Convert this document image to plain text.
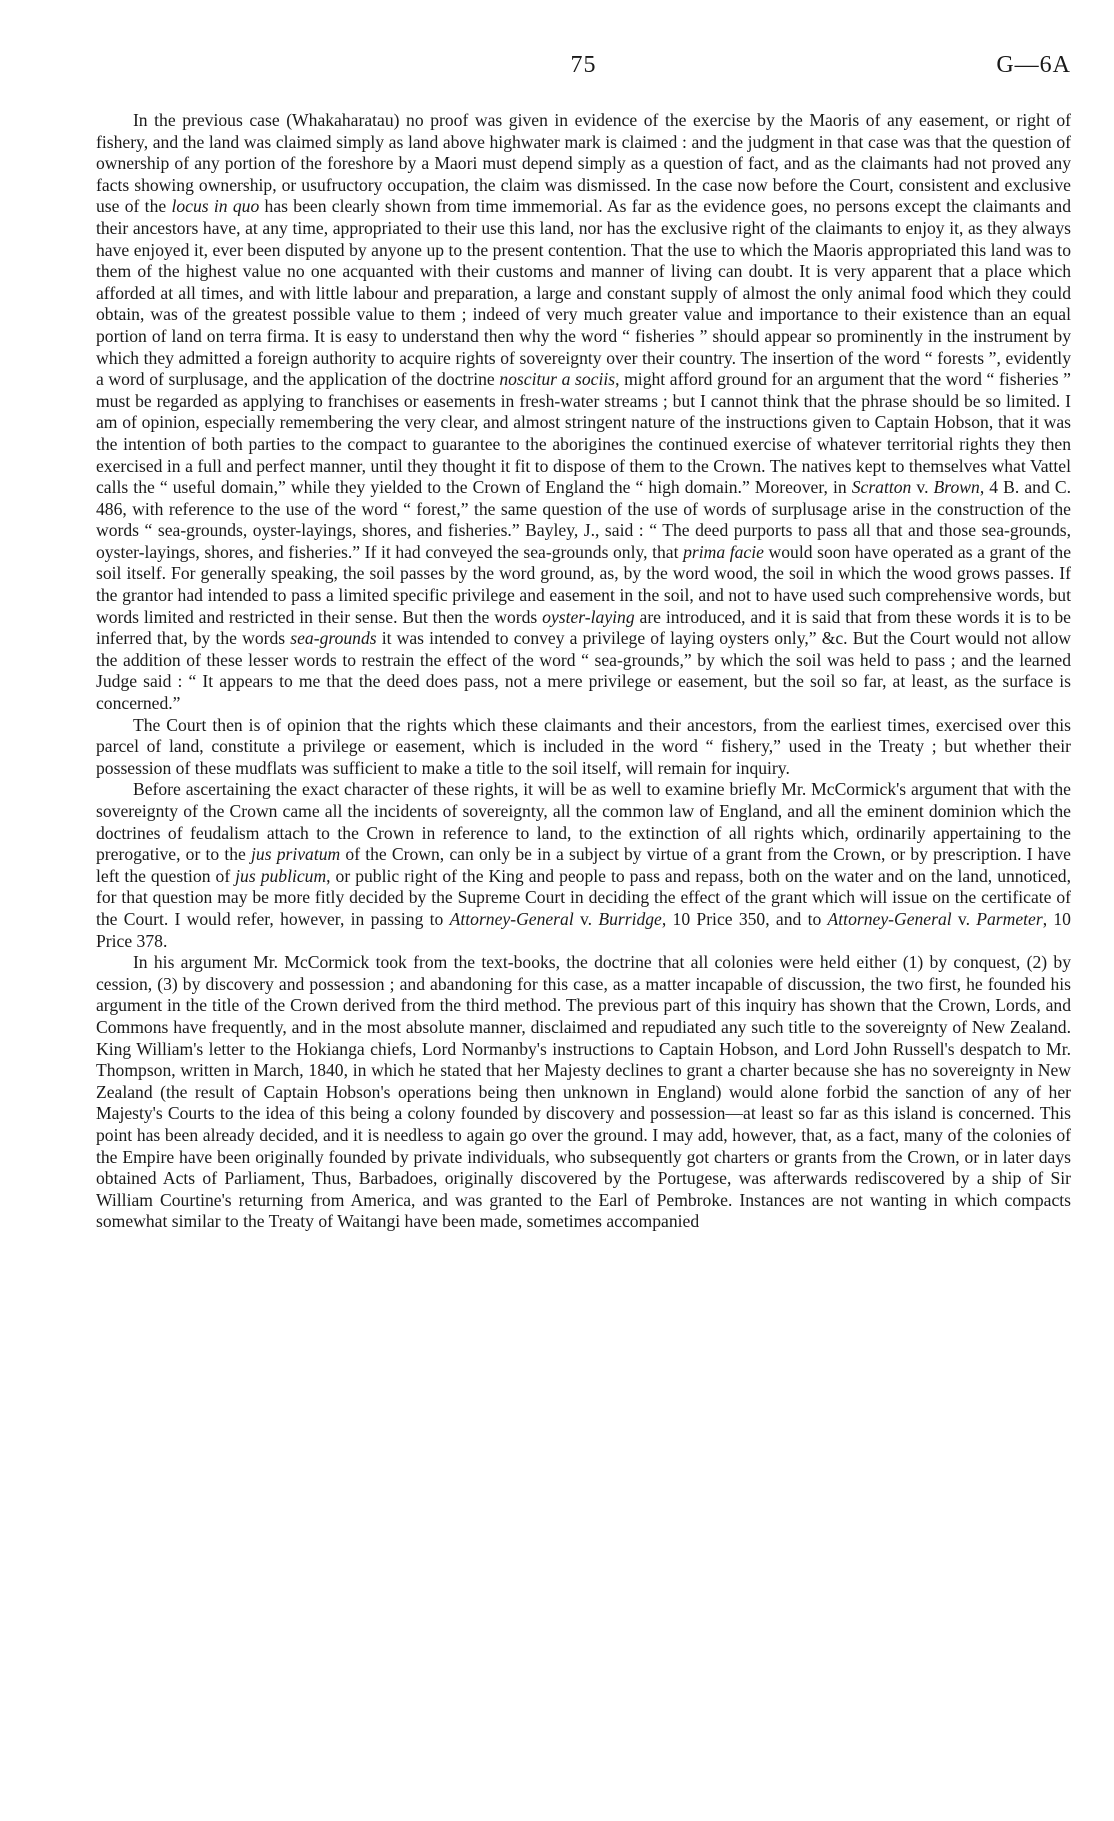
75	G—6A

In the previous case (Whakaharatau) no proof was given in evidence of the exercise by the Maoris of any easement, or right of fishery, and the land was claimed simply as land above highwater mark is claimed : and the judgment in that case was that the question of ownership of any portion of the foreshore by a Maori must depend simply as a question of fact, and as the claimants had not proved any facts showing ownership, or usufructory occupation, the claim was dismissed. In the case now before the Court, consistent and exclusive use of the locus in quo has been clearly shown from time immemorial. As far as the evidence goes, no persons except the claimants and their ancestors have, at any time, appropriated to their use this land, nor has the exclusive right of the claimants to enjoy it, as they always have enjoyed it, ever been disputed by anyone up to the present contention. That the use to which the Maoris appropriated this land was to them of the highest value no one acquanted with their customs and manner of living can doubt. It is very apparent that a place which afforded at all times, and with little labour and preparation, a large and constant supply of almost the only animal food which they could obtain, was of the greatest possible value to them ; indeed of very much greater value and importance to their existence than an equal portion of land on terra firma. It is easy to understand then why the word “ fisheries ” should appear so prominently in the instrument by which they admitted a foreign authority to acquire rights of sovereignty over their country. The insertion of the word “ forests ”, evidently a word of surplusage, and the application of the doctrine noscitur a sociis, might afford ground for an argument that the word “ fisheries ” must be regarded as applying to franchises or easements in fresh-water streams ; but I cannot think that the phrase should be so limited. I am of opinion, especially remembering the very clear, and almost stringent nature of the instructions given to Captain Hobson, that it was the intention of both parties to the compact to guarantee to the aborigines the continued exercise of whatever territorial rights they then exercised in a full and perfect manner, until they thought it fit to dispose of them to the Crown. The natives kept to themselves what Vattel calls the “ useful domain,” while they yielded to the Crown of England the “ high domain.” Moreover, in Scratton v. Brown, 4 B. and C. 486, with reference to the use of the word “ forest,” the same question of the use of words of surplusage arise in the construction of the words “ sea-grounds, oyster-layings, shores, and fisheries.” Bayley, J., said : “ The deed purports to pass all that and those sea-grounds, oyster-layings, shores, and fisheries.” If it had conveyed the sea-grounds only, that prima facie would soon have operated as a grant of the soil itself. For generally speaking, the soil passes by the word ground, as, by the word wood, the soil in which the wood grows passes. If the grantor had intended to pass a limited specific privilege and easement in the soil, and not to have used such comprehensive words, but words limited and restricted in their sense. But then the words oyster-laying are introduced, and it is said that from these words it is to be inferred that, by the words sea-grounds it was intended to convey a privilege of laying oysters only,” &c. But the Court would not allow the addition of these lesser words to restrain the effect of the word “ sea-grounds,” by which the soil was held to pass ; and the learned Judge said : “ It appears to me that the deed does pass, not a mere privilege or easement, but the soil so far, at least, as the surface is concerned.”

The Court then is of opinion that the rights which these claimants and their ancestors, from the earliest times, exercised over this parcel of land, constitute a privilege or easement, which is included in the word “ fishery,” used in the Treaty ; but whether their possession of these mudflats was sufficient to make a title to the soil itself, will remain for inquiry.

Before ascertaining the exact character of these rights, it will be as well to examine briefly Mr. McCormick's argument that with the sovereignty of the Crown came all the incidents of sovereignty, all the common law of England, and all the eminent dominion which the doctrines of feudalism attach to the Crown in reference to land, to the extinction of all rights which, ordinarily appertaining to the prerogative, or to the jus privatum of the Crown, can only be in a subject by virtue of a grant from the Crown, or by prescription. I have left the question of jus publicum, or public right of the King and people to pass and repass, both on the water and on the land, unnoticed, for that question may be more fitly decided by the Supreme Court in deciding the effect of the grant which will issue on the certificate of the Court. I would refer, however, in passing to Attorney-General v. Burridge, 10 Price 350, and to Attorney-General v. Parmeter, 10 Price 378.

In his argument Mr. McCormick took from the text-books, the doctrine that all colonies were held either (1) by conquest, (2) by cession, (3) by discovery and possession ; and abandoning for this case, as a matter incapable of discussion, the two first, he founded his argument in the title of the Crown derived from the third method. The previous part of this inquiry has shown that the Crown, Lords, and Commons have frequently, and in the most absolute manner, disclaimed and repudiated any such title to the sovereignty of New Zealand. King William's letter to the Hokianga chiefs, Lord Normanby's instructions to Captain Hobson, and Lord John Russell's despatch to Mr. Thompson, written in March, 1840, in which he stated that her Majesty declines to grant a charter because she has no sovereignty in New Zealand (the result of Captain Hobson's operations being then unknown in England) would alone forbid the sanction of any of her Majesty's Courts to the idea of this being a colony founded by discovery and possession—at least so far as this island is concerned. This point has been already decided, and it is needless to again go over the ground. I may add, however, that, as a fact, many of the colonies of the Empire have been originally founded by private individuals, who subsequently got charters or grants from the Crown, or in later days obtained Acts of Parliament, Thus, Barbadoes, originally discovered by the Portugese, was afterwards rediscovered by a ship of Sir William Courtine's returning from America, and was granted to the Earl of Pembroke. Instances are not wanting in which compacts somewhat similar to the Treaty of Waitangi have been made, sometimes accompanied
